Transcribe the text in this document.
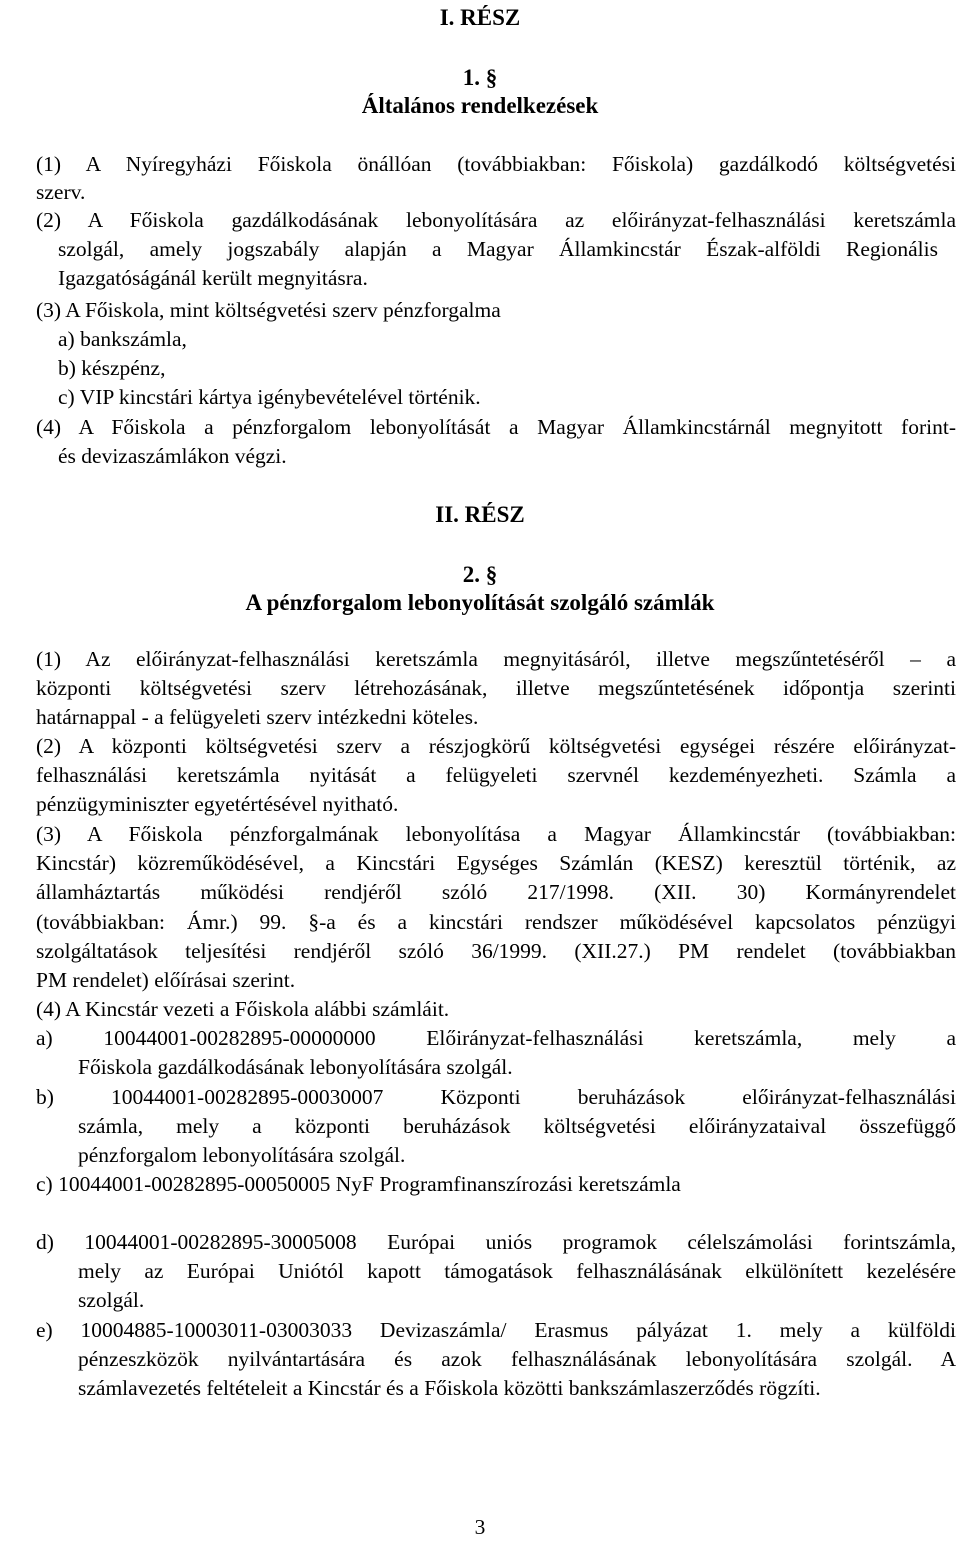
I. RÉSZ
1. §
Általános rendelkezések
(1) A Nyíregyházi Főiskola önállóan (továbbiakban: Főiskola) gazdálkodó költségvetési
szerv.
(2) A Főiskola gazdálkodásának lebonyolítására az előirányzat-felhasználási keretszámla
szolgál, amely jogszabály alapján a Magyar Államkincstár Észak-alföldi Regionális
Igazgatóságánál került megnyitásra.
(3) A Főiskola, mint költségvetési szerv pénzforgalma
a) bankszámla,
b) készpénz,
c) VIP kincstári kártya igénybevételével történik.
(4) A Főiskola a pénzforgalom lebonyolítását a Magyar Államkincstárnál megnyitott forint-
és devizaszámlákon végzi.
II. RÉSZ
2. §
A pénzforgalom lebonyolítását szolgáló számlák
(1) Az előirányzat-felhasználási keretszámla megnyitásáról, illetve megszűntetéséről – a
központi költségvetési szerv létrehozásának, illetve megszűntetésének időpontja szerinti
határnappal - a felügyeleti szerv intézkedni köteles.
(2) A központi költségvetési szerv a részjogkörű költségvetési egységei részére előirányzat-
felhasználási keretszámla nyitását a felügyeleti szervnél kezdeményezheti. Számla a
pénzügyminiszter egyetértésével nyitható.
(3) A Főiskola pénzforgalmának lebonyolítása a Magyar Államkincstár (továbbiakban:
Kincstár) közreműködésével, a Kincstári Egységes Számlán (KESZ) keresztül történik, az
államháztartás működési rendjéről szóló 217/1998. (XII. 30) Kormányrendelet
(továbbiakban: Ámr.) 99. §-a és a kincstári rendszer működésével kapcsolatos pénzügyi
szolgáltatások teljesítési rendjéről szóló 36/1999. (XII.27.) PM rendelet (továbbiakban
PM rendelet) előírásai szerint.
(4) A Kincstár vezeti a Főiskola alábbi számláit.
a) 10044001-00282895-00000000 Előirányzat-felhasználási keretszámla, mely a
Főiskola gazdálkodásának lebonyolítására szolgál.
b) 10044001-00282895-00030007 Központi beruházások előirányzat-felhasználási
számla, mely a központi beruházások költségvetési előirányzataival összefüggő
pénzforgalom lebonyolítására szolgál.
c) 10044001-00282895-00050005 NyF Programfinanszírozási keretszámla
d) 10044001-00282895-30005008 Európai uniós programok célelszámolási forintszámla,
mely az Európai Uniótól kapott támogatások felhasználásának elkülönített kezelésére
szolgál.
e) 10004885-10003011-03003033 Devizaszámla/ Erasmus pályázat 1. mely a külföldi
pénzeszközök nyilvántartására és azok felhasználásának lebonyolítására szolgál. A
számlavezetés feltételeit a Kincstár és a Főiskola közötti bankszámlaszerződés rögzíti.
3
